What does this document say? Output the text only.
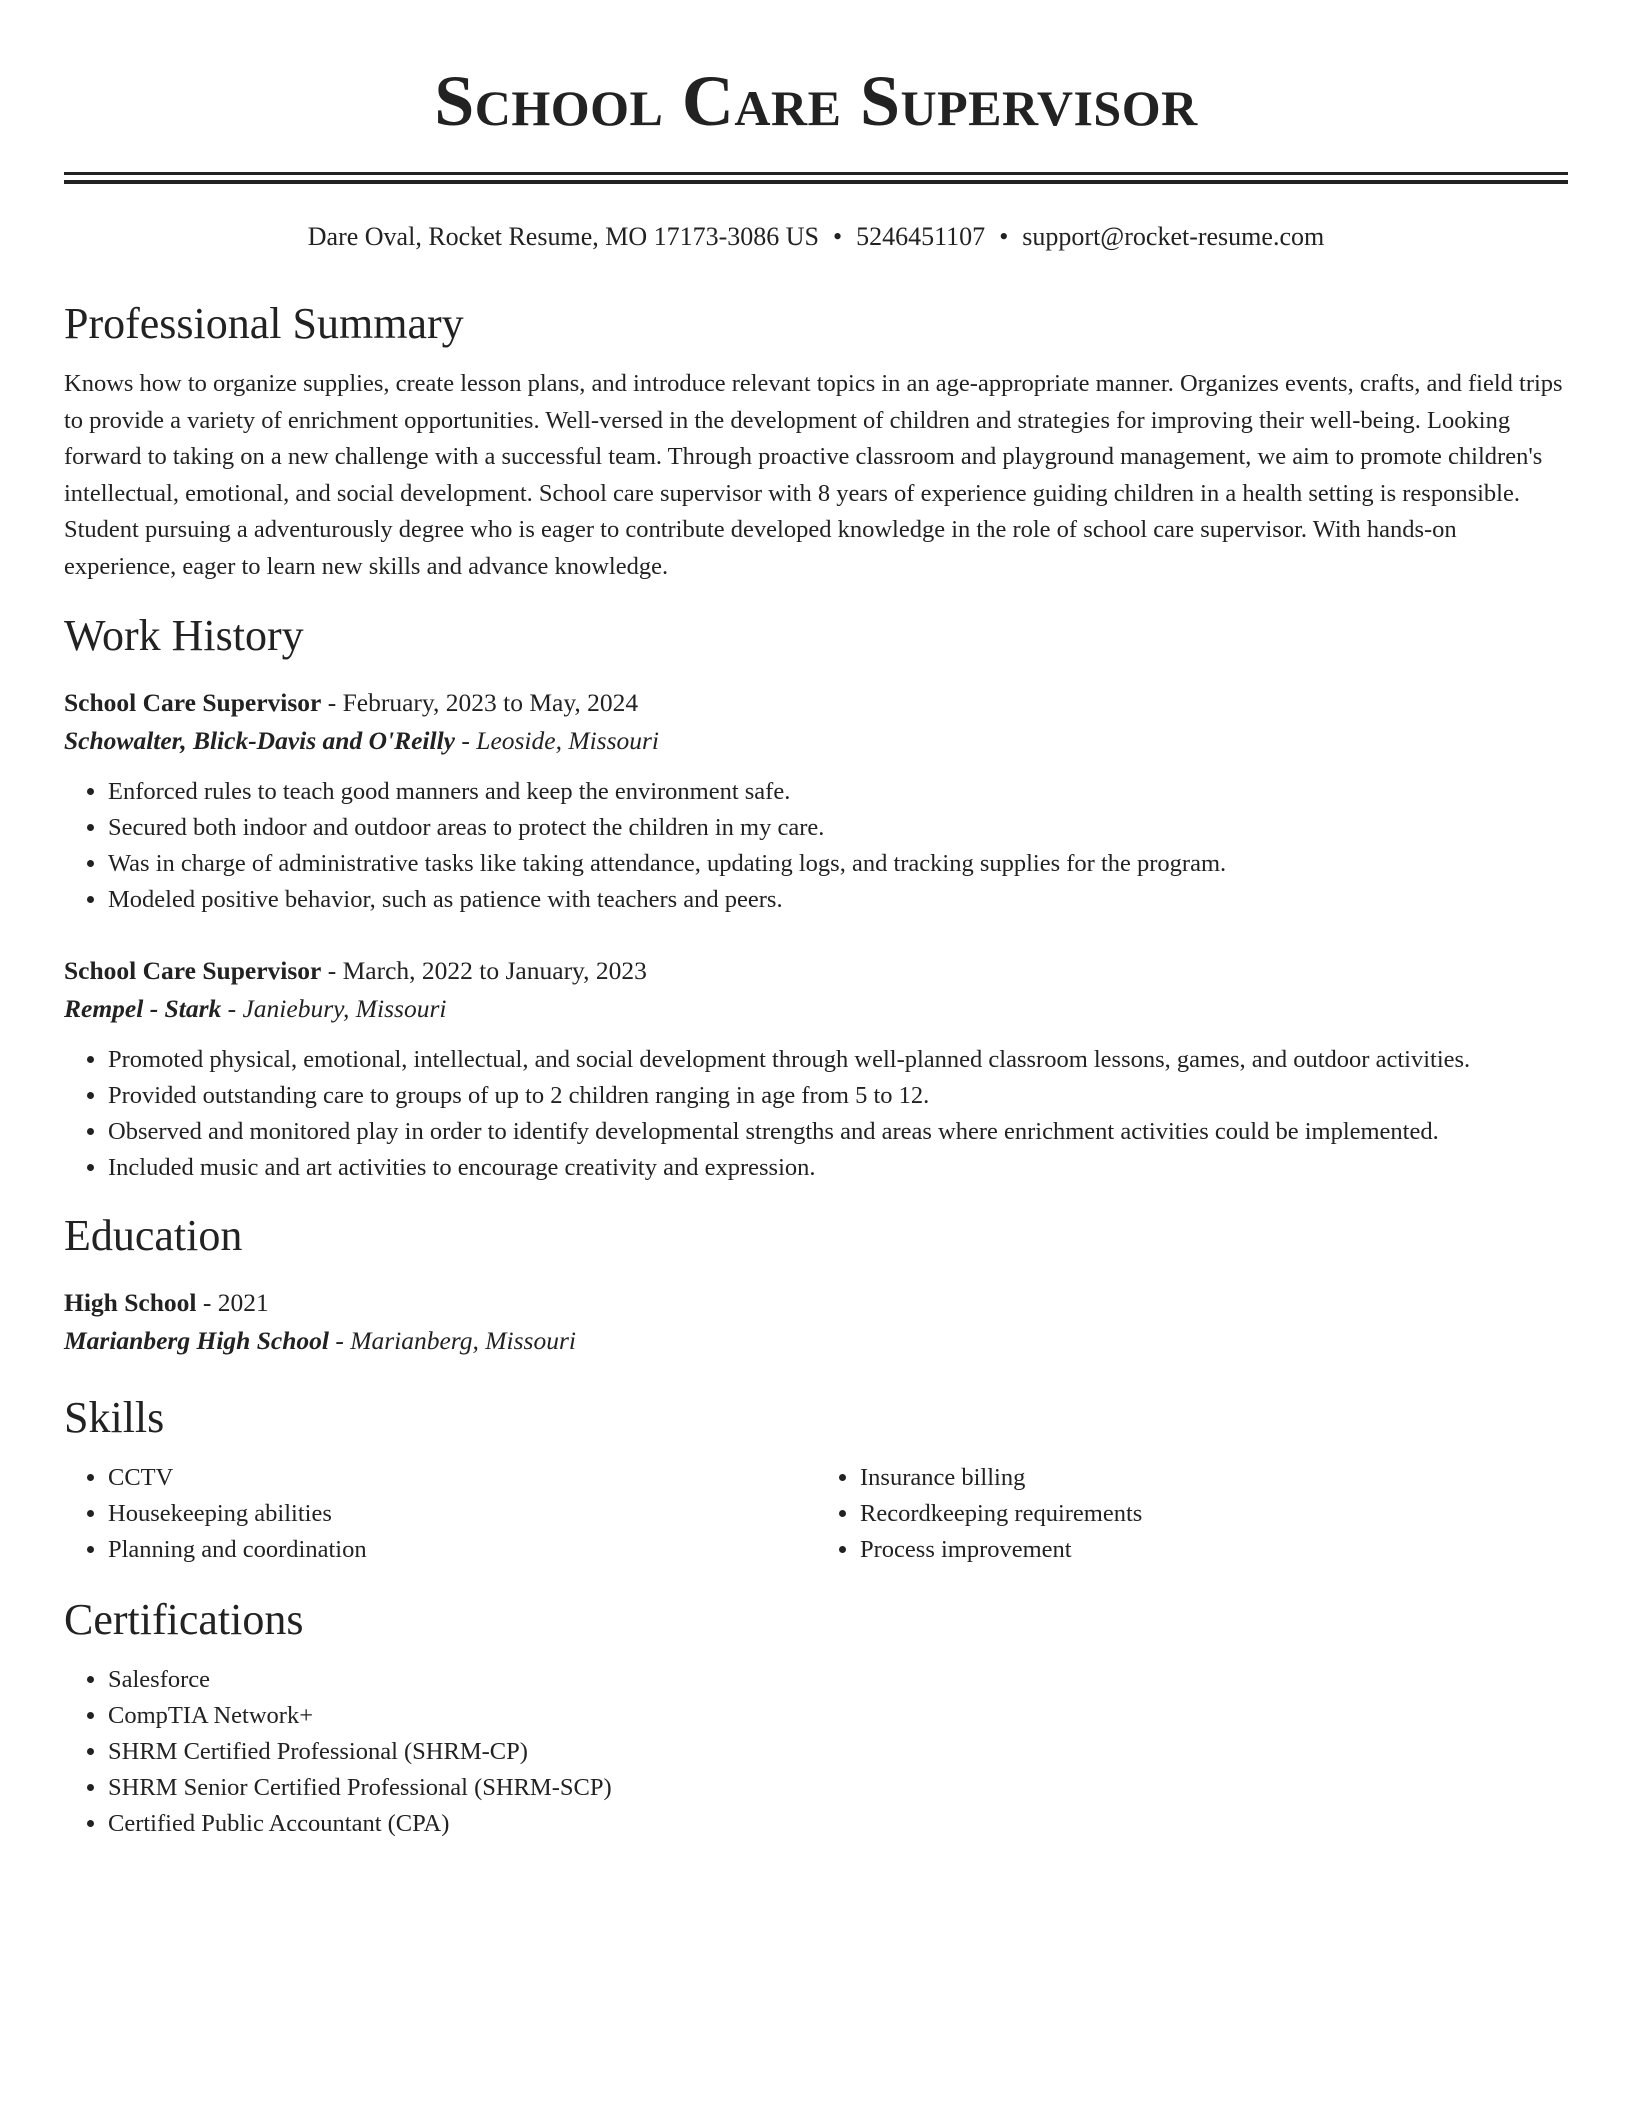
School Care Supervisor
Dare Oval, Rocket Resume, MO 17173-3086 US • 5246451107 • support@rocket-resume.com
Professional Summary
Knows how to organize supplies, create lesson plans, and introduce relevant topics in an age-appropriate manner. Organizes events, crafts, and field trips to provide a variety of enrichment opportunities. Well-versed in the development of children and strategies for improving their well-being. Looking forward to taking on a new challenge with a successful team. Through proactive classroom and playground management, we aim to promote children's intellectual, emotional, and social development. School care supervisor with 8 years of experience guiding children in a health setting is responsible. Student pursuing a adventurously degree who is eager to contribute developed knowledge in the role of school care supervisor. With hands-on experience, eager to learn new skills and advance knowledge.
Work History
School Care Supervisor - February, 2023 to May, 2024
Schowalter, Blick-Davis and O'Reilly - Leoside, Missouri
• Enforced rules to teach good manners and keep the environment safe.
• Secured both indoor and outdoor areas to protect the children in my care.
• Was in charge of administrative tasks like taking attendance, updating logs, and tracking supplies for the program.
• Modeled positive behavior, such as patience with teachers and peers.
School Care Supervisor - March, 2022 to January, 2023
Rempel - Stark - Janiebury, Missouri
• Promoted physical, emotional, intellectual, and social development through well-planned classroom lessons, games, and outdoor activities.
• Provided outstanding care to groups of up to 2 children ranging in age from 5 to 12.
• Observed and monitored play in order to identify developmental strengths and areas where enrichment activities could be implemented.
• Included music and art activities to encourage creativity and expression.
Education
High School - 2021
Marianberg High School - Marianberg, Missouri
Skills
• CCTV
• Housekeeping abilities
• Planning and coordination
• Insurance billing
• Recordkeeping requirements
• Process improvement
Certifications
• Salesforce
• CompTIA Network+
• SHRM Certified Professional (SHRM-CP)
• SHRM Senior Certified Professional (SHRM-SCP)
• Certified Public Accountant (CPA)
